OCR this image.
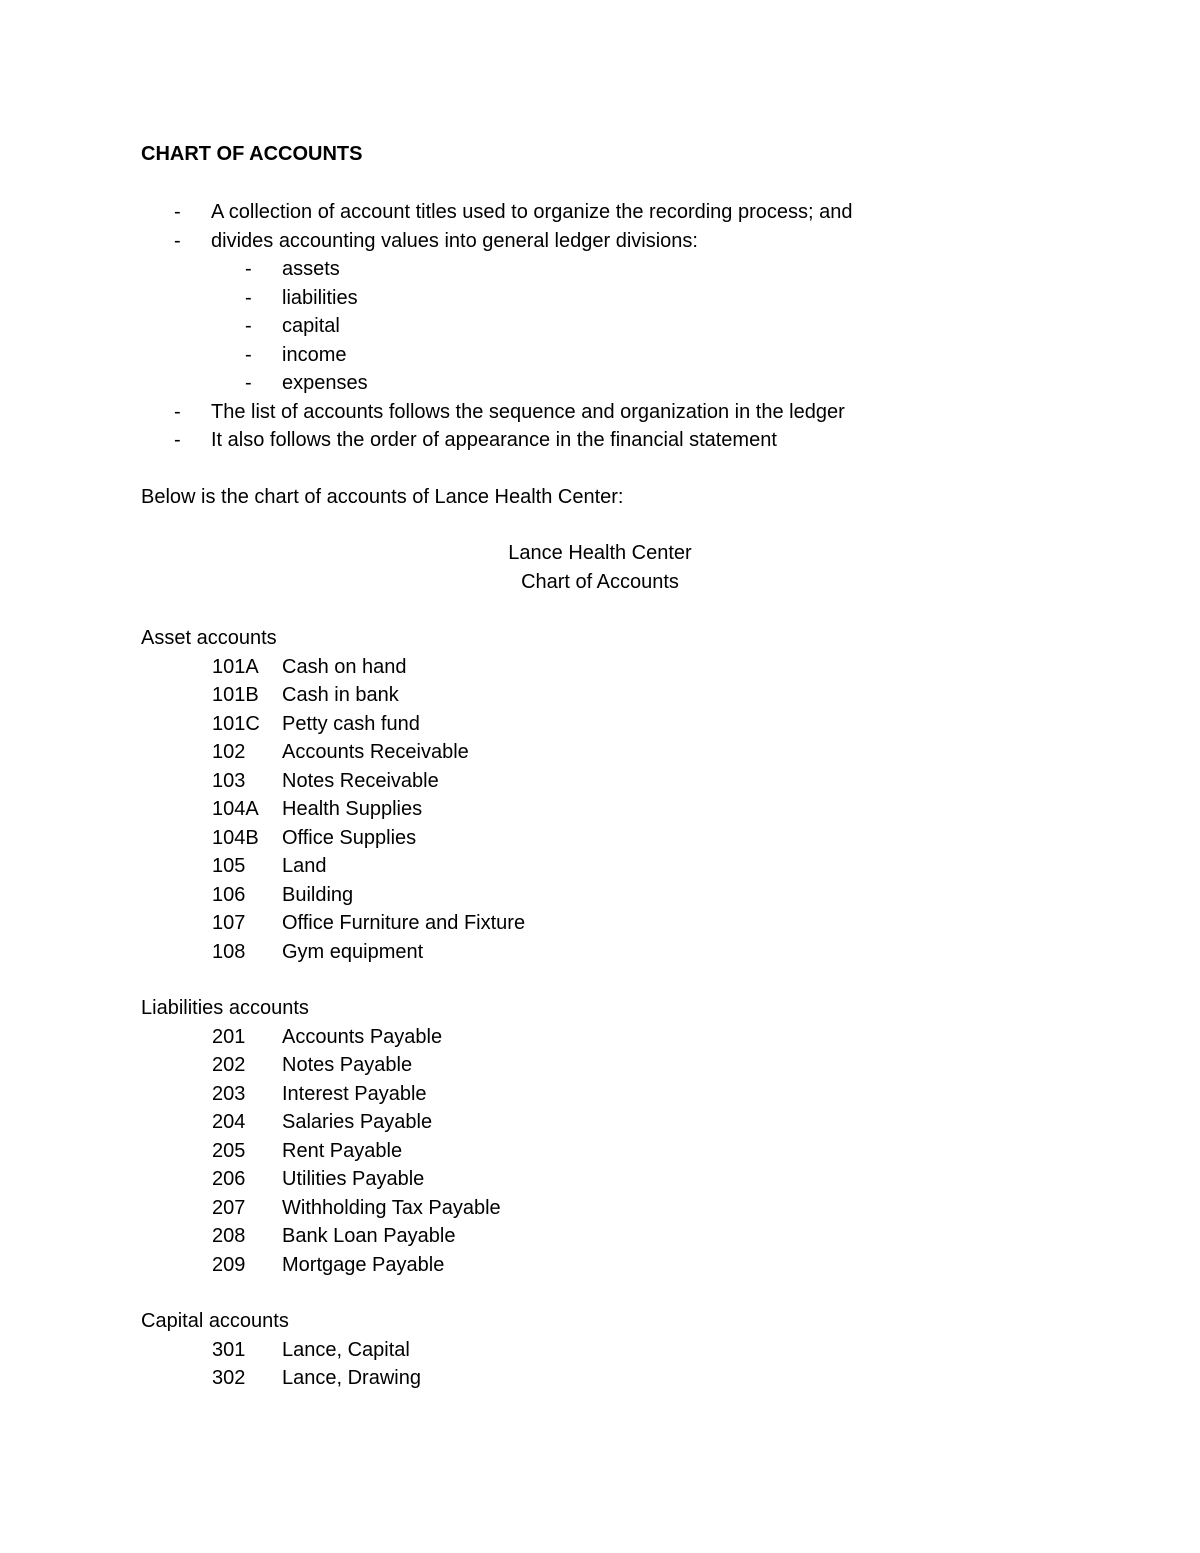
CHART OF ACCOUNTS
- A collection of account titles used to organize the recording process; and
- divides accounting values into general ledger divisions:
- assets
- liabilities
- capital
- income
- expenses
- The list of accounts follows the sequence and organization in the ledger
- It also follows the order of appearance in the financial statement
Below is the chart of accounts of Lance Health Center:
Lance Health Center
Chart of Accounts
Asset accounts
101A Cash on hand
101B Cash in bank
101C Petty cash fund
102 Accounts Receivable
103 Notes Receivable
104A Health Supplies
104B Office Supplies
105 Land
106 Building
107 Office Furniture and Fixture
108 Gym equipment
Liabilities accounts
201 Accounts Payable
202 Notes Payable
203 Interest Payable
204 Salaries Payable
205 Rent Payable
206 Utilities Payable
207 Withholding Tax Payable
208 Bank Loan Payable
209 Mortgage Payable
Capital accounts
301 Lance, Capital
302 Lance, Drawing
